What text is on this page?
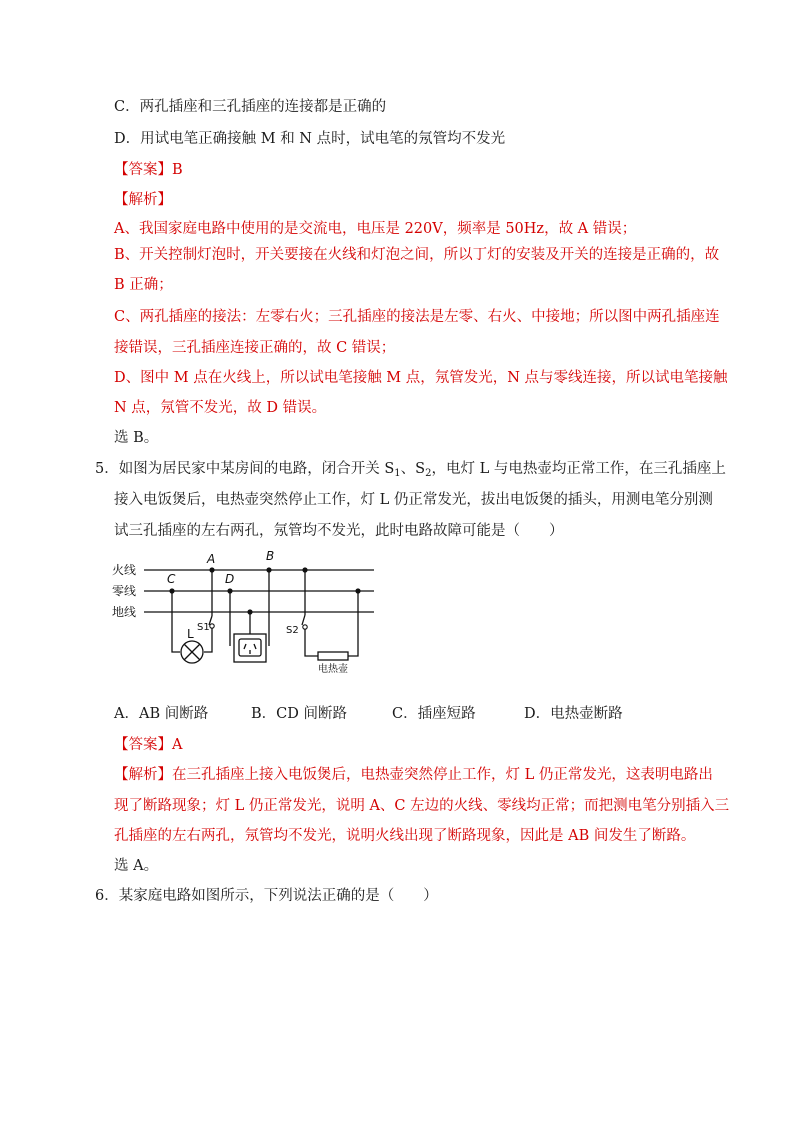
C．两孔插座和三孔插座的连接都是正确的
D．用试电笔正确接触 M 和 N 点时，试电笔的氖管均不发光
【答案】B
【解析】
A、我国家庭电路中使用的是交流电，电压是 220V，频率是 50Hz，故 A 错误；
B、开关控制灯泡时，开关要接在火线和灯泡之间，所以丁灯的安装及开关的连接是正确的，故
B 正确；
C、两孔插座的接法：左零右火；三孔插座的接法是左零、右火、中接地；所以图中两孔插座连
接错误，三孔插座连接正确的，故 C 错误；
D、图中 M 点在火线上，所以试电笔接触 M 点，氖管发光，N 点与零线连接，所以试电笔接触
N 点，氖管不发光，故 D 错误。
选 B。
5．如图为居民家中某房间的电路，闭合开关 $S_1$、$S_2$，电灯 L 与电热壶均正常工作，在三孔插座上
接入电饭煲后，电热壶突然停止工作，灯 L 仍正常发光，拔出电饭煲的插头，用测电笔分别测
试三孔插座的左右两孔，氖管均不发光，此时电路故障可能是（　　）
火线
零线
地线
A	B
C	D
L S1	S2
电热壶
A．AB 间断路	B．CD 间断路	C．插座短路	D．电热壶断路
【答案】A
【解析】在三孔插座上接入电饭煲后，电热壶突然停止工作，灯 L 仍正常发光，这表明电路出
现了断路现象；灯 L 仍正常发光，说明 A、C 左边的火线、零线均正常；而把测电笔分别插入三
孔插座的左右两孔，氖管均不发光，说明火线出现了断路现象，因此是 AB 间发生了断路。
选 A。
6．某家庭电路如图所示，下列说法正确的是（　　）
